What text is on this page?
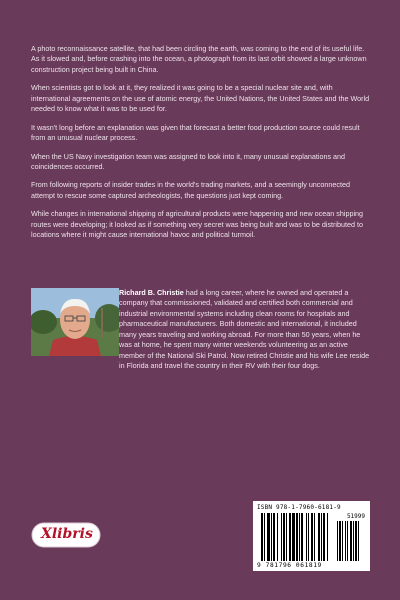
A photo reconnaissance satellite, that had been circling the earth, was coming to the end of its useful life. As it slowed and, before crashing into the ocean, a photograph from its last orbit showed a large unknown construction project being built in China.

When scientists got to look at it, they realized it was going to be a special nuclear site and, with international agreements on the use of atomic energy, the United Nations, the United States and the World needed to know what it was to be used for.

It wasn't long before an explanation was given that forecast a better food production source could result from an unusual nuclear process.

When the US Navy investigation team was assigned to look into it, many unusual explanations and coincidences occurred.

From following reports of insider trades in the world's trading markets, and a seemingly unconnected attempt to rescue some captured archeologists, the questions just kept coming.

While changes in international shipping of agricultural products were happening and new ocean shipping routes were developing; it looked as if something very secret was being built and was to be distributed to locations where it might cause international havoc and political turmoil.

Richard B. Christie had a long career, where he owned and operated a company that commissioned, validated and certified both commercial and industrial environmental systems including clean rooms for hospitals and pharmaceutical manufacturers. Both domestic and international, it included many years traveling and working abroad. For more than 50 years, when he was at home, he spent many winter weekends volunteering as an active member of the National Ski Patrol. Now retired Christie and his wife Lee reside in Florida and travel the country in their RV with their four dogs.

Xlibris
ISBN 978-1-7960-6181-9
51999
9 781796 061819
